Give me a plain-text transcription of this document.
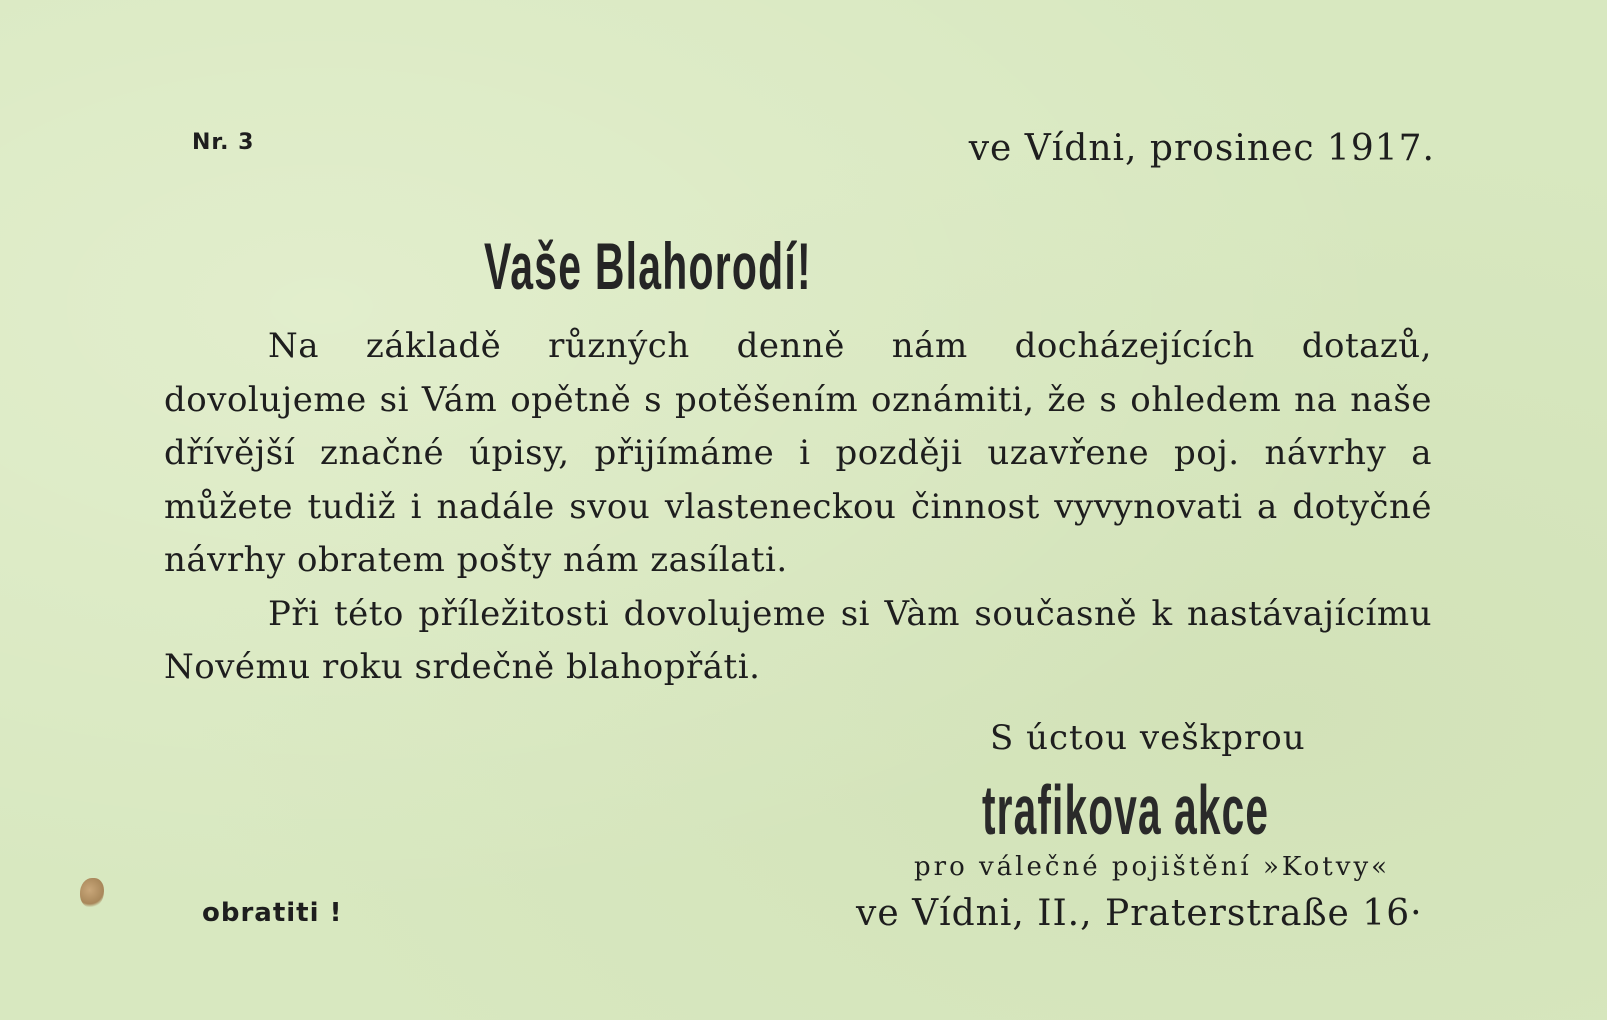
Nr. 3	ve Vídni, prosinec 1917.
Vaše Blahorodí!

Na základě různých denně nám docházejících dotazů, dovolujeme si Vám opětně s potěšením oznámiti, že s ohledem na naše dřívější značné úpisy, přijímáme i později uzavřene poj. návrhy a můžete tudiž i nadále svou vlasteneckou činnost vyvynovati a dotyčné návrhy obratem pošty nám zasílati.

Při této příležitosti dovolujeme si Vàm současně k nastávajícímu Novému roku srdečně blahopřáti.

S úctou veškprou
trafikova akce
pro válečné pojištění »Kotvy«
ve Vídni, II., Praterstraße 16·
obratiti !
